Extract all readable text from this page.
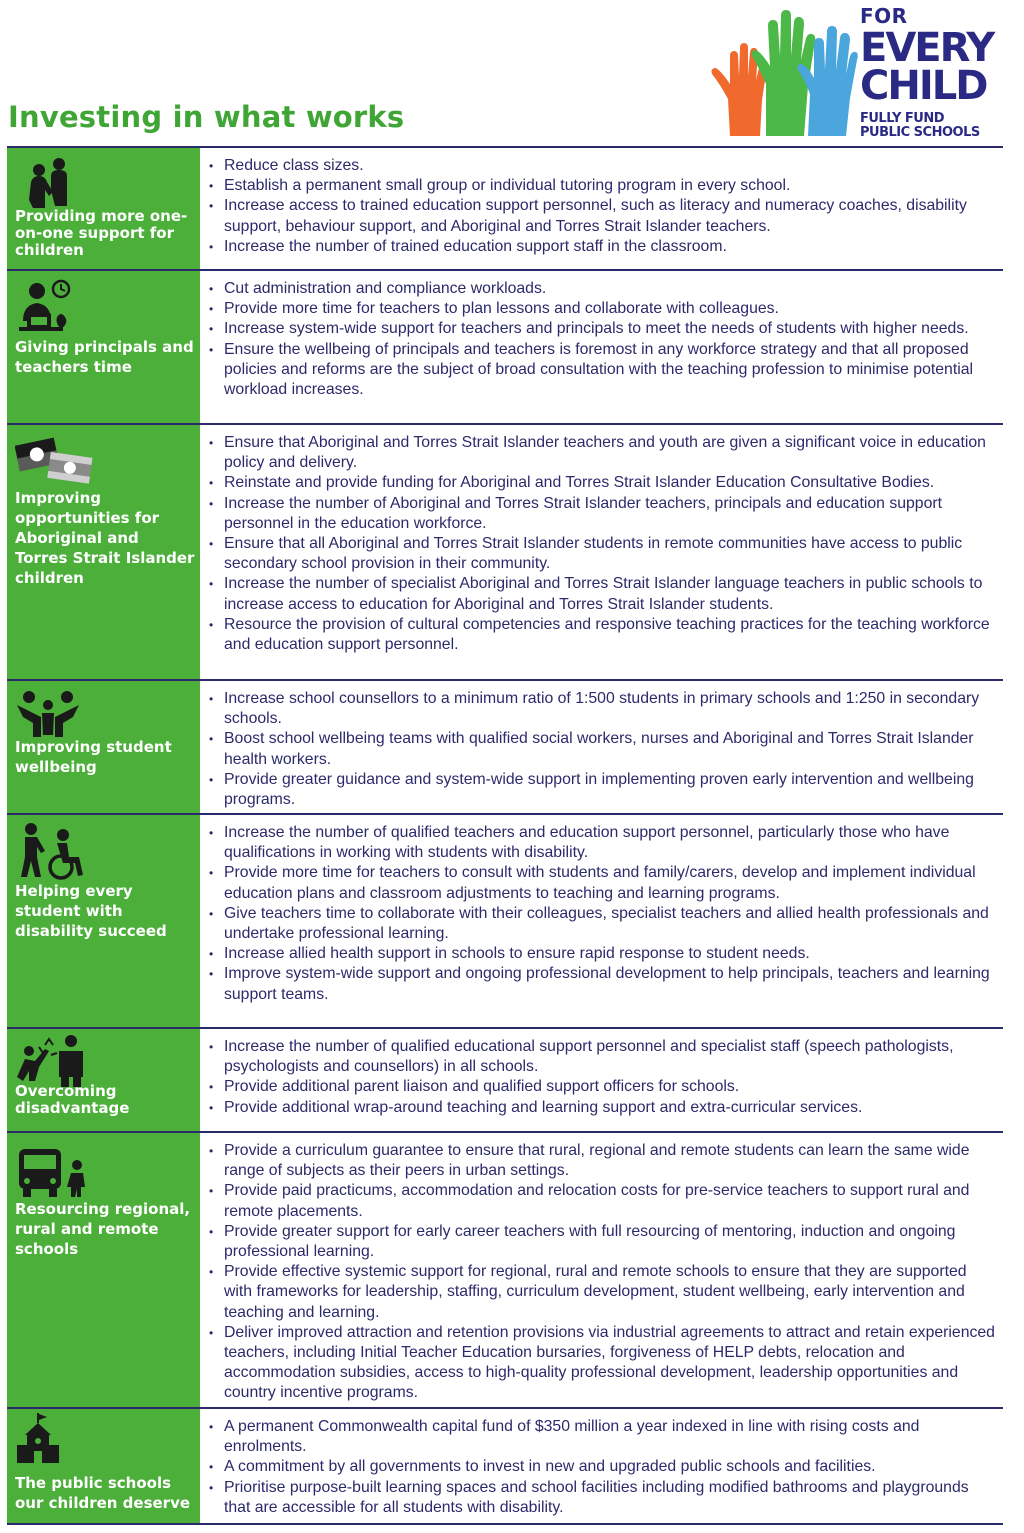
Investing in what works
FOR
EVERY
CHILD
FULLY FUND
PUBLIC SCHOOLS
Providing more one-on-one support for children
• Reduce class sizes.
• Establish a permanent small group or individual tutoring program in every school.
• Increase access to trained education support personnel, such as literacy and numeracy coaches, disability support, behaviour support, and Aboriginal and Torres Strait Islander teachers.
• Increase the number of trained education support staff in the classroom.
Giving principals and teachers time
• Cut administration and compliance workloads.
• Provide more time for teachers to plan lessons and collaborate with colleagues.
• Increase system-wide support for teachers and principals to meet the needs of students with higher needs.
• Ensure the wellbeing of principals and teachers is foremost in any workforce strategy and that all proposed policies and reforms are the subject of broad consultation with the teaching profession to minimise potential workload increases.
Improving opportunities for Aboriginal and Torres Strait Islander children
• Ensure that Aboriginal and Torres Strait Islander teachers and youth are given a significant voice in education policy and delivery.
• Reinstate and provide funding for Aboriginal and Torres Strait Islander Education Consultative Bodies.
• Increase the number of Aboriginal and Torres Strait Islander teachers, principals and education support personnel in the education workforce.
• Ensure that all Aboriginal and Torres Strait Islander students in remote communities have access to public secondary school provision in their community.
• Increase the number of specialist Aboriginal and Torres Strait Islander language teachers in public schools to increase access to education for Aboriginal and Torres Strait Islander students.
• Resource the provision of cultural competencies and responsive teaching practices for the teaching workforce and education support personnel.
Improving student wellbeing
• Increase school counsellors to a minimum ratio of 1:500 students in primary schools and 1:250 in secondary schools.
• Boost school wellbeing teams with qualified social workers, nurses and Aboriginal and Torres Strait Islander health workers.
• Provide greater guidance and system-wide support in implementing proven early intervention and wellbeing programs.
Helping every student with disability succeed
• Increase the number of qualified teachers and education support personnel, particularly those who have qualifications in working with students with disability.
• Provide more time for teachers to consult with students and family/carers, develop and implement individual education plans and classroom adjustments to teaching and learning programs.
• Give teachers time to collaborate with their colleagues, specialist teachers and allied health professionals and undertake professional learning.
• Increase allied health support in schools to ensure rapid response to student needs.
• Improve system-wide support and ongoing professional development to help principals, teachers and learning support teams.
Overcoming disadvantage
• Increase the number of qualified educational support personnel and specialist staff (speech pathologists, psychologists and counsellors) in all schools.
• Provide additional parent liaison and qualified support officers for schools.
• Provide additional wrap-around teaching and learning support and extra-curricular services.
Resourcing regional, rural and remote schools
• Provide a curriculum guarantee to ensure that rural, regional and remote students can learn the same wide range of subjects as their peers in urban settings.
• Provide paid practicums, accommodation and relocation costs for pre-service teachers to support rural and remote placements.
• Provide greater support for early career teachers with full resourcing of mentoring, induction and ongoing professional learning.
• Provide effective systemic support for regional, rural and remote schools to ensure that they are supported with frameworks for leadership, staffing, curriculum development, student wellbeing, early intervention and teaching and learning.
• Deliver improved attraction and retention provisions via industrial agreements to attract and retain experienced teachers, including Initial Teacher Education bursaries, forgiveness of HELP debts, relocation and accommodation subsidies, access to high-quality professional development, leadership opportunities and country incentive programs.
The public schools our children deserve
• A permanent Commonwealth capital fund of $350 million a year indexed in line with rising costs and enrolments.
• A commitment by all governments to invest in new and upgraded public schools and facilities.
• Prioritise purpose-built learning spaces and school facilities including modified bathrooms and playgrounds that are accessible for all students with disability.
